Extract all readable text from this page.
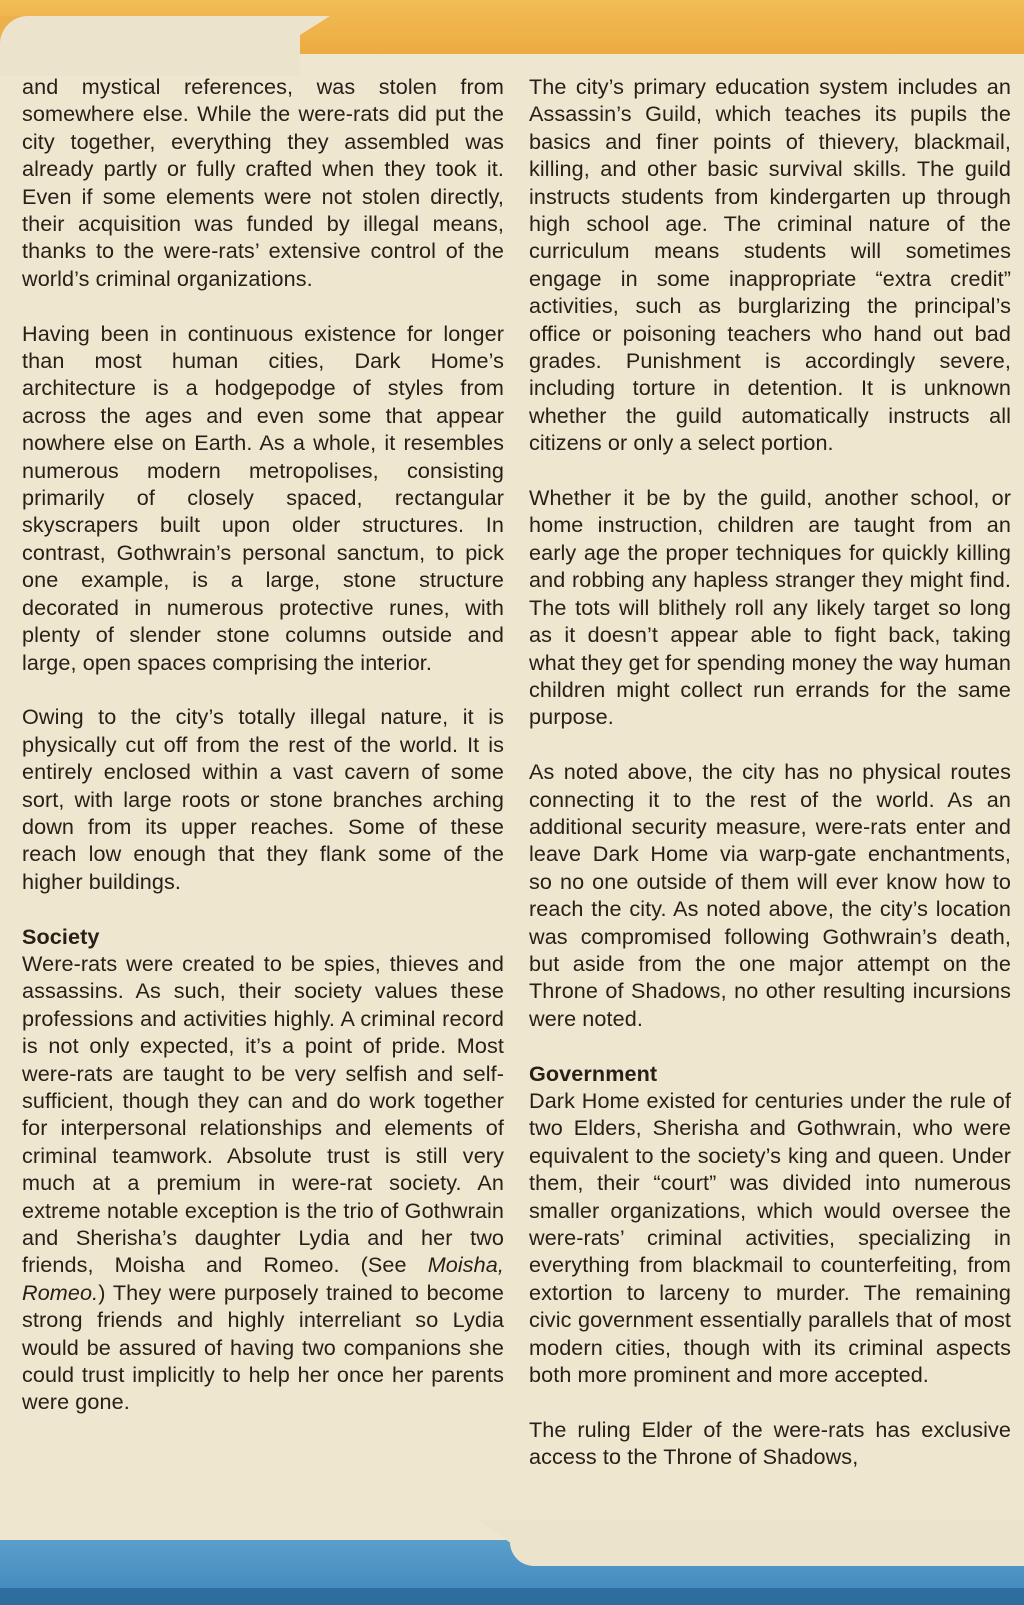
and mystical references, was stolen from somewhere else. While the were-rats did put the city together, everything they assembled was already partly or fully crafted when they took it. Even if some elements were not stolen directly, their acquisition was funded by illegal means, thanks to the were-rats’ extensive control of the world’s criminal organizations.

Having been in continuous existence for longer than most human cities, Dark Home’s architecture is a hodgepodge of styles from across the ages and even some that appear nowhere else on Earth. As a whole, it resembles numerous modern metropolises, consisting primarily of closely spaced, rectangular skyscrapers built upon older structures. In contrast, Gothwrain’s personal sanctum, to pick one example, is a large, stone structure decorated in numerous protective runes, with plenty of slender stone columns outside and large, open spaces comprising the interior.

Owing to the city’s totally illegal nature, it is physically cut off from the rest of the world. It is entirely enclosed within a vast cavern of some sort, with large roots or stone branches arching down from its upper reaches. Some of these reach low enough that they flank some of the higher buildings.

Society

Were-rats were created to be spies, thieves and assassins. As such, their society values these professions and activities highly. A criminal record is not only expected, it’s a point of pride. Most were-rats are taught to be very selfish and self-sufficient, though they can and do work together for interpersonal relationships and elements of criminal teamwork. Absolute trust is still very much at a premium in were-rat society. An extreme notable exception is the trio of Gothwrain and Sherisha’s daughter Lydia and her two friends, Moisha and Romeo. (See Moisha, Romeo.) They were purposely trained to become strong friends and highly interreliant so Lydia would be assured of having two companions she could trust implicitly to help her once her parents were gone.

The city’s primary education system includes an Assassin’s Guild, which teaches its pupils the basics and finer points of thievery, blackmail, killing, and other basic survival skills. The guild instructs students from kindergarten up through high school age. The criminal nature of the curriculum means students will sometimes engage in some inappropriate “extra credit” activities, such as burglarizing the principal’s office or poisoning teachers who hand out bad grades. Punishment is accordingly severe, including torture in detention. It is unknown whether the guild automatically instructs all citizens or only a select portion.

Whether it be by the guild, another school, or home instruction, children are taught from an early age the proper techniques for quickly killing and robbing any hapless stranger they might find. The tots will blithely roll any likely target so long as it doesn’t appear able to fight back, taking what they get for spending money the way human children might collect run errands for the same purpose.

As noted above, the city has no physical routes connecting it to the rest of the world. As an additional security measure, were-rats enter and leave Dark Home via warp-gate enchantments, so no one outside of them will ever know how to reach the city. As noted above, the city’s location was compromised following Gothwrain’s death, but aside from the one major attempt on the Throne of Shadows, no other resulting incursions were noted.

Government

Dark Home existed for centuries under the rule of two Elders, Sherisha and Gothwrain, who were equivalent to the society’s king and queen. Under them, their “court” was divided into numerous smaller organizations, which would oversee the were-rats’ criminal activities, specializing in everything from blackmail to counterfeiting, from extortion to larceny to murder. The remaining civic government essentially parallels that of most modern cities, though with its criminal aspects both more prominent and more accepted.

The ruling Elder of the were-rats has exclusive access to the Throne of Shadows,
